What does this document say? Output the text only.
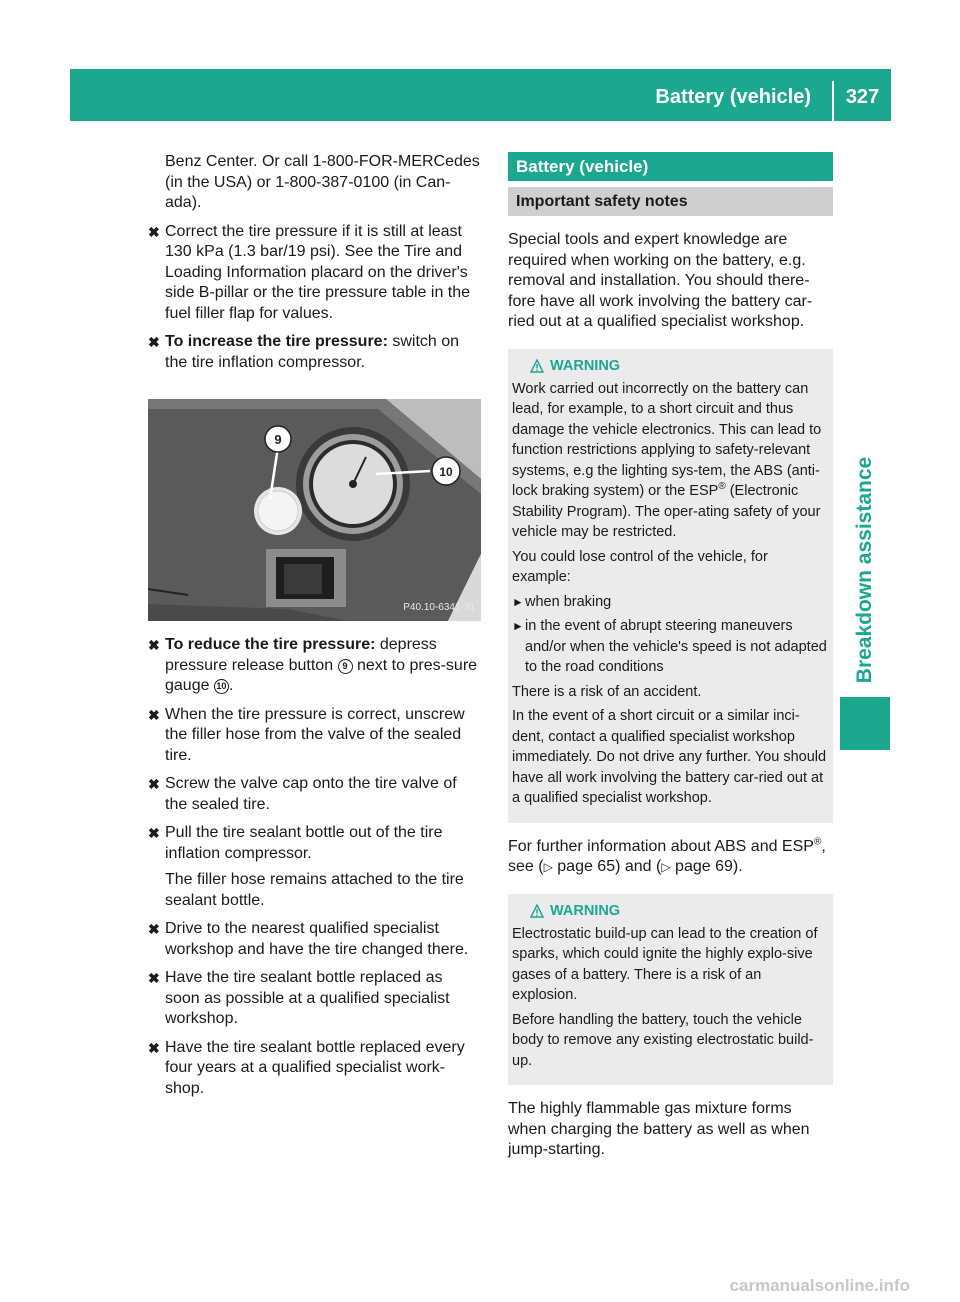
Battery (vehicle)	327
Breakdown assistance

Benz Center. Or call 1-800-FOR-MERCedes (in the USA) or 1-800-387-0100 (in Can-ada).

✖ Correct the tire pressure if it is still at least 130 kPa (1.3 bar/19 psi). See the Tire and Loading Information placard on the driver's side B-pillar or the tire pressure table in the fuel filler flap for values.
✖ To increase the tire pressure: switch on the tire inflation compressor.
9
10
P40.10-6341-31
✖ To reduce the tire pressure: depress pressure release button 9 next to pres-sure gauge 10 .
✖ When the tire pressure is correct, unscrew the filler hose from the valve of the sealed tire.
✖ Screw the valve cap onto the tire valve of the sealed tire.
✖ Pull the tire sealant bottle out of the tire inflation compressor.

The filler hose remains attached to the tire sealant bottle.

✖ Drive to the nearest qualified specialist workshop and have the tire changed there.
✖ Have the tire sealant bottle replaced as soon as possible at a qualified specialist workshop.
✖ Have the tire sealant bottle replaced every four years at a qualified specialist work-shop.
Battery (vehicle)
Important safety notes

Special tools and expert knowledge are required when working on the battery, e.g. removal and installation. You should there-fore have all work involving the battery car-ried out at a qualified specialist workshop.

WARNING

Work carried out incorrectly on the battery can lead, for example, to a short circuit and thus damage the vehicle electronics. This can lead to function restrictions applying to safety-relevant systems, e.g the lighting sys-tem, the ABS (anti-lock braking system) or the ESP® (Electronic Stability Program). The oper-ating safety of your vehicle may be restricted.

You could lose control of the vehicle, for example:

► when braking
► in the event of abrupt steering maneuvers and/or when the vehicle's speed is not adapted to the road conditions

There is a risk of an accident.

In the event of a short circuit or a similar inci-dent, contact a qualified specialist workshop immediately. Do not drive any further. You should have all work involving the battery car-ried out at a qualified specialist workshop.

For further information about ABS and ESP®, see (▷ page 65) and (▷ page 69).

WARNING

Electrostatic build-up can lead to the creation of sparks, which could ignite the highly explo-sive gases of a battery. There is a risk of an explosion.

Before handling the battery, touch the vehicle body to remove any existing electrostatic build-up.

The highly flammable gas mixture forms when charging the battery as well as when jump-starting.

carmanualsonline.info
